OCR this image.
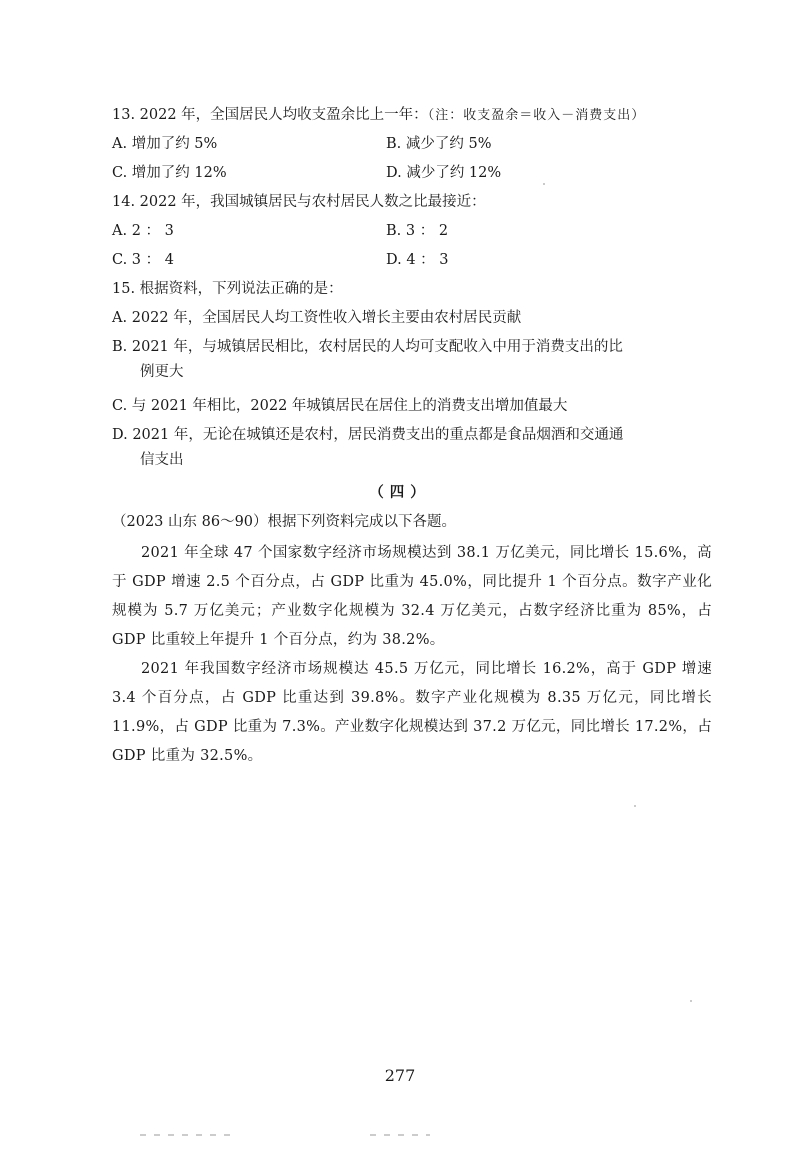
13. 2022 年，全国居民人均收支盈余比上一年：（注：收支盈余＝收入－消费支出）
A. 增加了约 5%	B. 减少了约 5%
C. 增加了约 12%	D. 减少了约 12%
14. 2022 年，我国城镇居民与农村居民人数之比最接近：
A. 2 ： 3	B. 3 ： 2
C. 3 ： 4	D. 4 ： 3
15. 根据资料，下列说法正确的是：
A. 2022 年，全国居民人均工资性收入增长主要由农村居民贡献
B. 2021 年，与城镇居民相比，农村居民的人均可支配收入中用于消费支出的比
例更大
C. 与 2021 年相比，2022 年城镇居民在居住上的消费支出增加值最大
D. 2021 年，无论在城镇还是农村，居民消费支出的重点都是食品烟酒和交通通
信支出
（四）
（2023 山东 86～90）根据下列资料完成以下各题。

2021 年全球 47 个国家数字经济市场规模达到 38.1 万亿美元，同比增长 15.6%，高于 GDP 增速 2.5 个百分点，占 GDP 比重为 45.0%，同比提升 1 个百分点。数字产业化规模为 5.7 万亿美元；产业数字化规模为 32.4 万亿美元，占数字经济比重为 85%，占 GDP 比重较上年提升 1 个百分点，约为 38.2%。

2021 年我国数字经济市场规模达 45.5 万亿元，同比增长 16.2%，高于 GDP 增速 3.4 个百分点，占 GDP 比重达到 39.8%。数字产业化规模为 8.35 万亿元，同比增长 11.9%，占 GDP 比重为 7.3%。产业数字化规模达到 37.2 万亿元，同比增长 17.2%，占 GDP 比重为 32.5%。

277
